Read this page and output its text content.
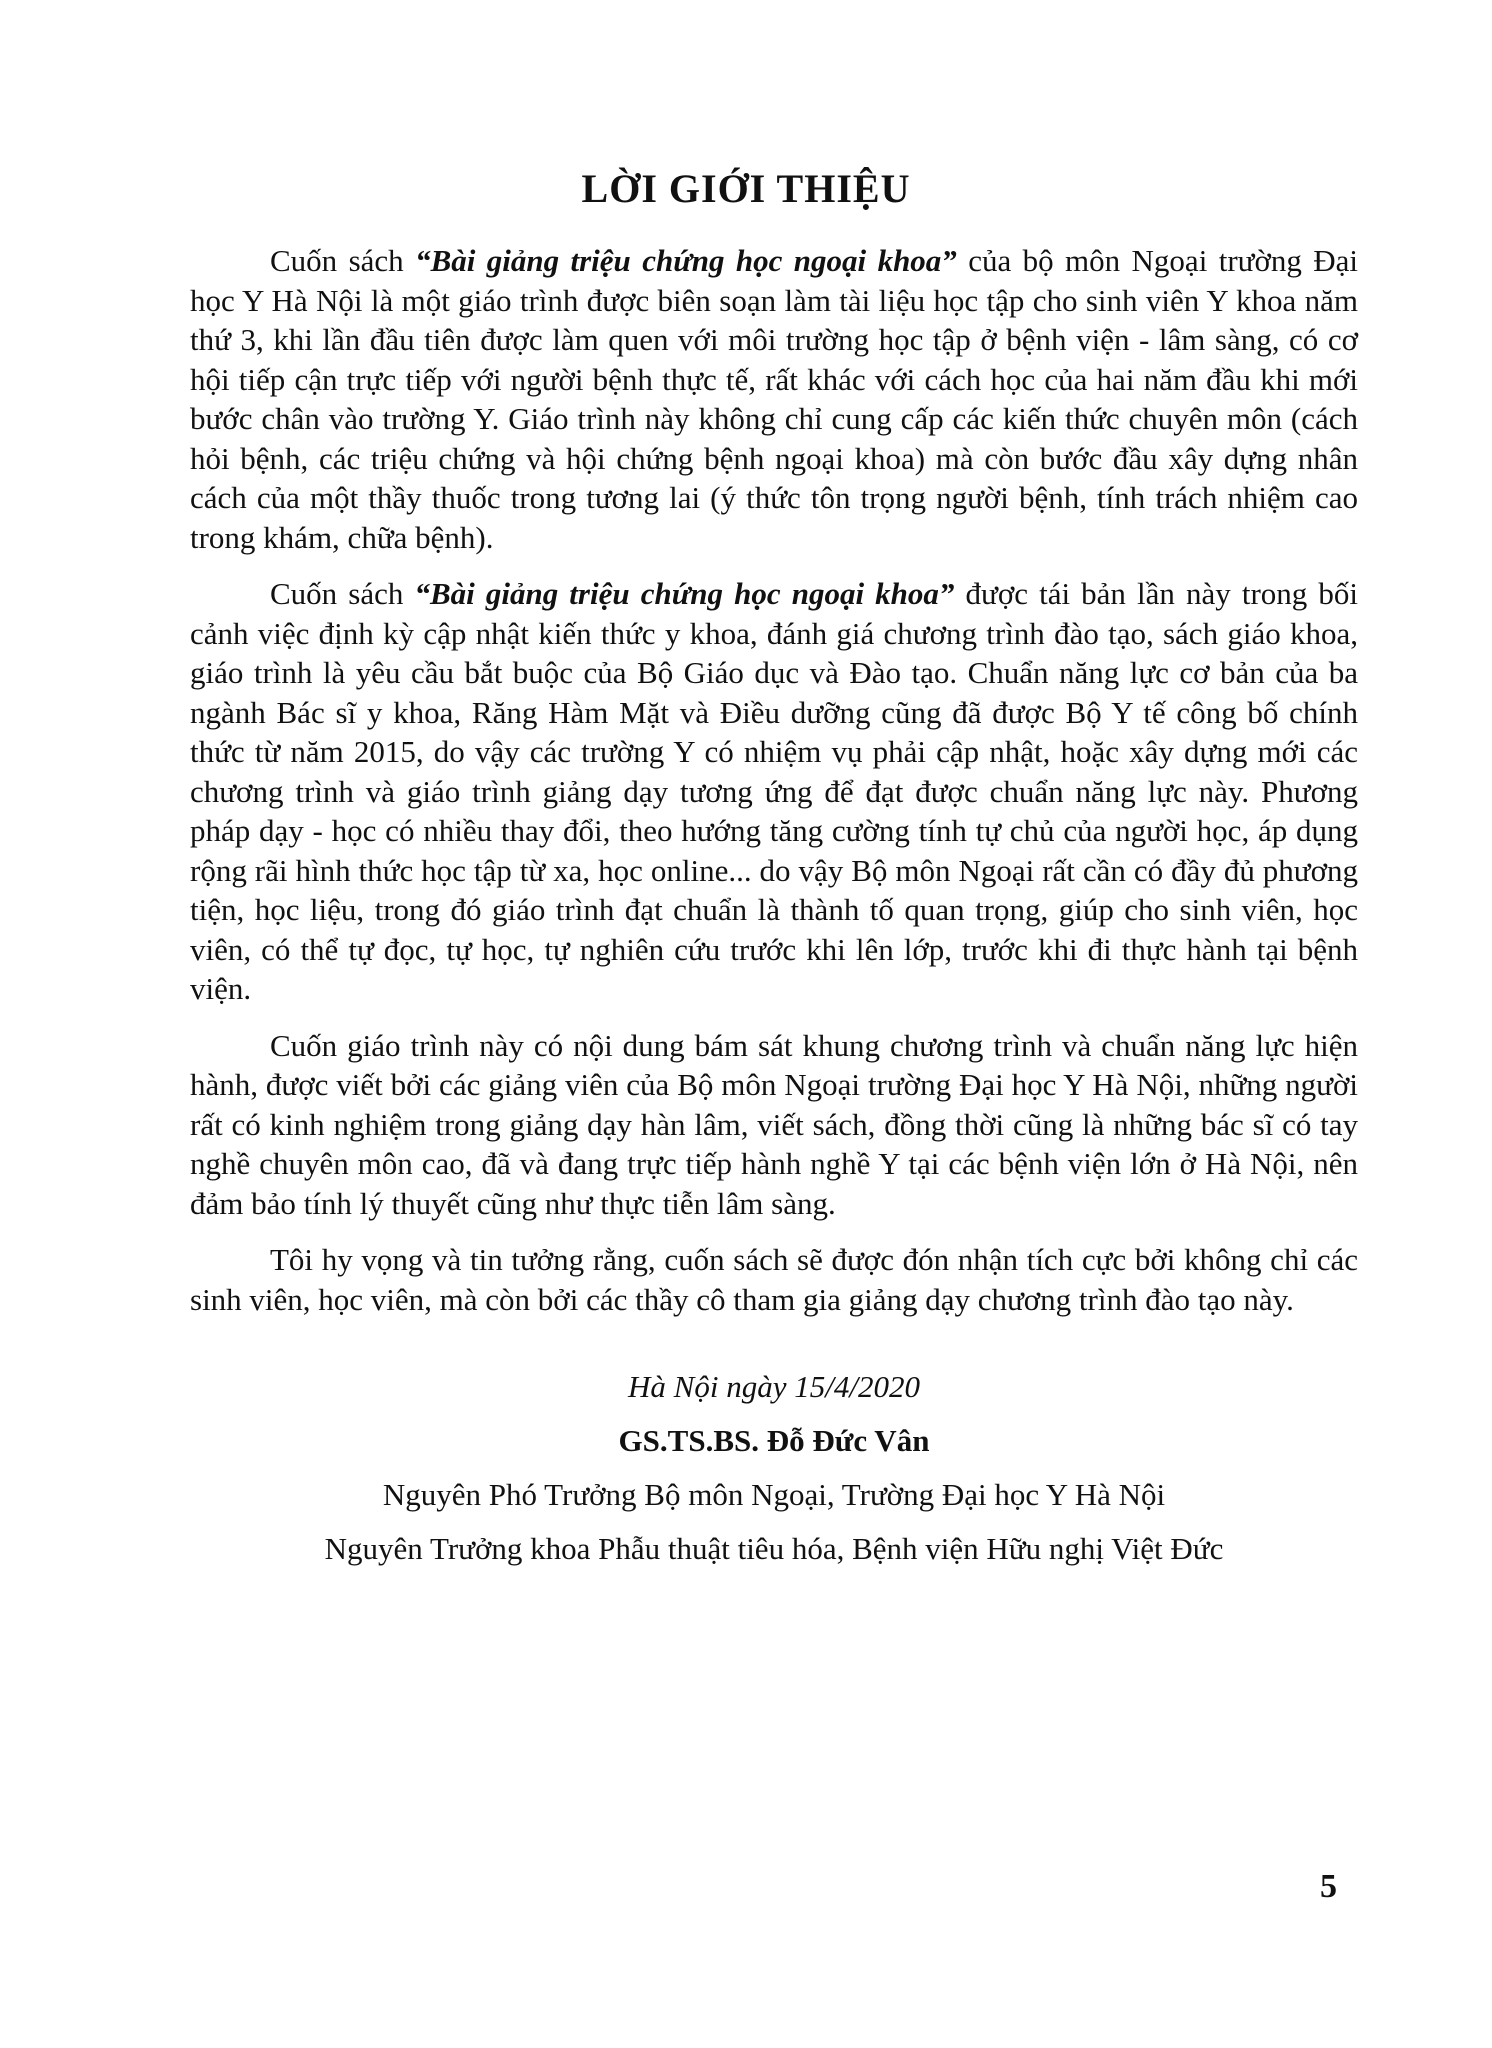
LỜI GIỚI THIỆU

Cuốn sách “Bài giảng triệu chứng học ngoại khoa” của bộ môn Ngoại trường Đại học Y Hà Nội là một giáo trình được biên soạn làm tài liệu học tập cho sinh viên Y khoa năm thứ 3, khi lần đầu tiên được làm quen với môi trường học tập ở bệnh viện - lâm sàng, có cơ hội tiếp cận trực tiếp với người bệnh thực tế, rất khác với cách học của hai năm đầu khi mới bước chân vào trường Y. Giáo trình này không chỉ cung cấp các kiến thức chuyên môn (cách hỏi bệnh, các triệu chứng và hội chứng bệnh ngoại khoa) mà còn bước đầu xây dựng nhân cách của một thầy thuốc trong tương lai (ý thức tôn trọng người bệnh, tính trách nhiệm cao trong khám, chữa bệnh).

Cuốn sách “Bài giảng triệu chứng học ngoại khoa” được tái bản lần này trong bối cảnh việc định kỳ cập nhật kiến thức y khoa, đánh giá chương trình đào tạo, sách giáo khoa, giáo trình là yêu cầu bắt buộc của Bộ Giáo dục và Đào tạo. Chuẩn năng lực cơ bản của ba ngành Bác sĩ y khoa, Răng Hàm Mặt và Điều dưỡng cũng đã được Bộ Y tế công bố chính thức từ năm 2015, do vậy các trường Y có nhiệm vụ phải cập nhật, hoặc xây dựng mới các chương trình và giáo trình giảng dạy tương ứng để đạt được chuẩn năng lực này. Phương pháp dạy - học có nhiều thay đổi, theo hướng tăng cường tính tự chủ của người học, áp dụng rộng rãi hình thức học tập từ xa, học online... do vậy Bộ môn Ngoại rất cần có đầy đủ phương tiện, học liệu, trong đó giáo trình đạt chuẩn là thành tố quan trọng, giúp cho sinh viên, học viên, có thể tự đọc, tự học, tự nghiên cứu trước khi lên lớp, trước khi đi thực hành tại bệnh viện.

Cuốn giáo trình này có nội dung bám sát khung chương trình và chuẩn năng lực hiện hành, được viết bởi các giảng viên của Bộ môn Ngoại trường Đại học Y Hà Nội, những người rất có kinh nghiệm trong giảng dạy hàn lâm, viết sách, đồng thời cũng là những bác sĩ có tay nghề chuyên môn cao, đã và đang trực tiếp hành nghề Y tại các bệnh viện lớn ở Hà Nội, nên đảm bảo tính lý thuyết cũng như thực tiễn lâm sàng.

Tôi hy vọng và tin tưởng rằng, cuốn sách sẽ được đón nhận tích cực bởi không chỉ các sinh viên, học viên, mà còn bởi các thầy cô tham gia giảng dạy chương trình đào tạo này.

Hà Nội ngày 15/4/2020
GS.TS.BS. Đỗ Đức Vân
Nguyên Phó Trưởng Bộ môn Ngoại, Trường Đại học Y Hà Nội
Nguyên Trưởng khoa Phẫu thuật tiêu hóa, Bệnh viện Hữu nghị Việt Đức
5
